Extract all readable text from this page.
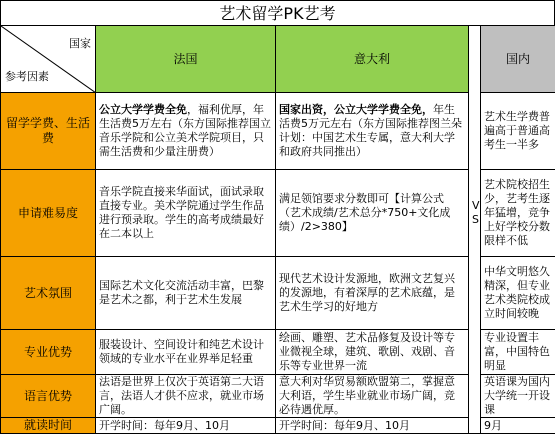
艺术留学PK艺考
国家
参考因素	法国	意大利		国内
留学学费、生活费	公立大学学费全免，福利优厚，年生活费5万左右（东方国际推荐国立音乐学院和公立美术学院项目，只需生活费和少量注册费）	国家出资，公立大学学费全免，年生活费5万元左右（东方国际推荐图兰朵计划：中国艺术生专属，意大利大学和政府共同推出）		艺术生学费普遍高于普通高考生一半多
申请难易度	音乐学院直接来华面试，面试录取直接专业。美术学院通过学生作品进行预录取。学生的高考成绩最好在二本以上	满足领馆要求分数即可【计算公式（艺术成绩/艺术总分*750+文化成绩）/2>380】	VS	艺术院校招生少，艺考生逐年猛增，竞争上好学校分数限样不低
艺术氛围	国际艺术文化交流活动丰富，巴黎是艺术之都，利于艺术生发展	现代艺术设计发源地，欧洲文艺复兴的发源地，有着深厚的艺术底蕴，是艺术生学习的好地方		中华文明悠久精深，但专业艺术类院校成立时间较晚
专业优势	服装设计、空间设计和纯艺术设计领域的专业水平在业界举足轻重	绘画、雕塑、艺术品修复及设计等专业微视全球，建筑、歌剧、戏剧、音乐等专业世界一流		专业设置丰富，中国特色明显
语言优势	法语是世界上仅次于英语第二大语言，法语人才供不应求，就业市场广阔。	意大利对华贸易额欧盟第二，掌握意大利语，学生毕业就业市场广阔，竞必待遇优厚。		英语课为国内大学统一开设课
就读时间	开学时间：每年9月、10月	开学时间：每年9月、10月		9月
